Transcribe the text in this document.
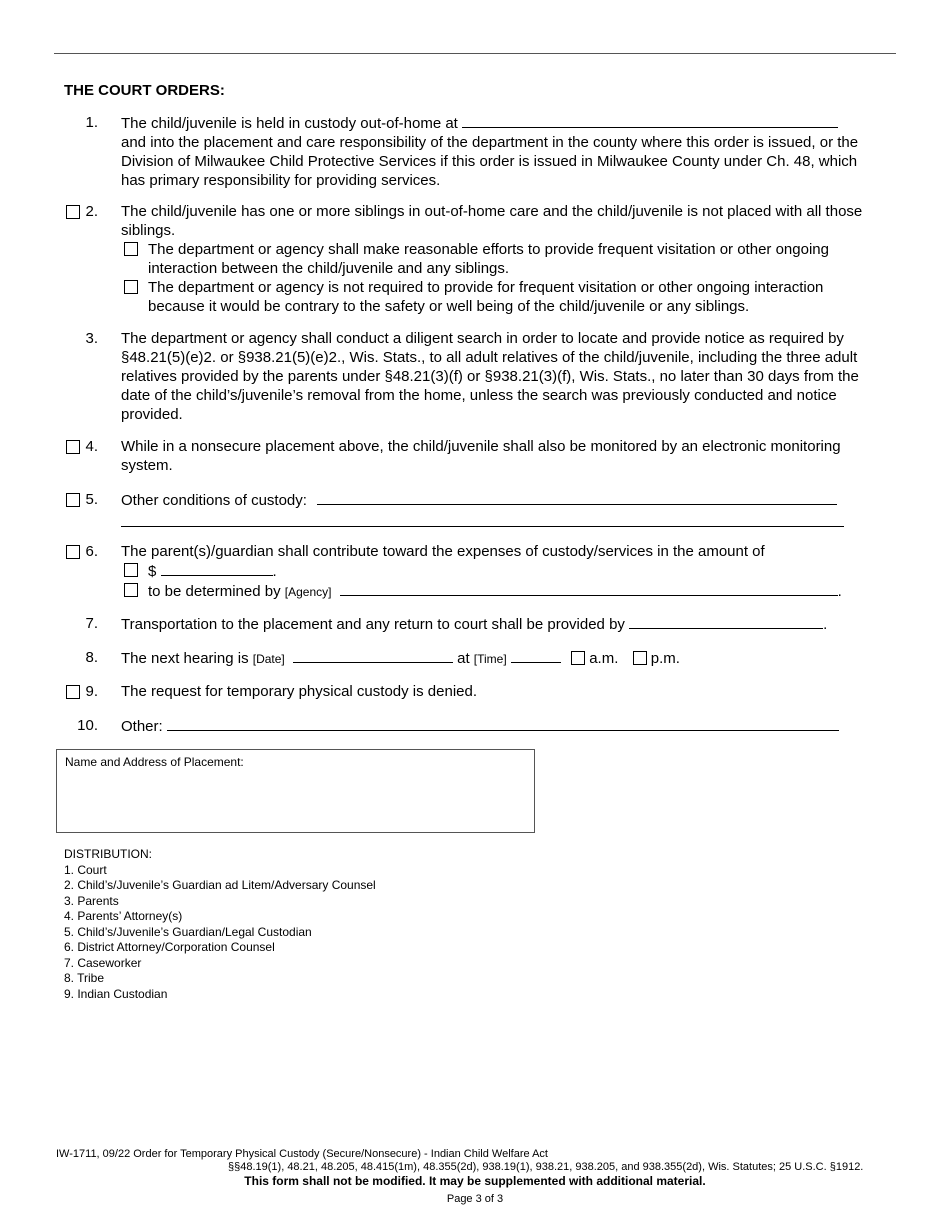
THE COURT ORDERS:
1. The child/juvenile is held in custody out-of-home at
and into the placement and care responsibility of the department in the county where this order is issued, or the Division of Milwaukee Child Protective Services if this order is issued in Milwaukee County under Ch. 48, which has primary responsibility for providing services.
2. The child/juvenile has one or more siblings in out-of-home care and the child/juvenile is not placed with all those siblings.
The department or agency shall make reasonable efforts to provide frequent visitation or other ongoing interaction between the child/juvenile and any siblings.
The department or agency is not required to provide for frequent visitation or other ongoing interaction because it would be contrary to the safety or well being of the child/juvenile or any siblings.
3. The department or agency shall conduct a diligent search in order to locate and provide notice as required by §48.21(5)(e)2. or §938.21(5)(e)2., Wis. Stats., to all adult relatives of the child/juvenile, including the three adult relatives provided by the parents under §48.21(3)(f) or §938.21(3)(f), Wis. Stats., no later than 30 days from the date of the child’s/juvenile’s removal from the home, unless the search was previously conducted and notice provided.
4. While in a nonsecure placement above, the child/juvenile shall also be monitored by an electronic monitoring system.
5. Other conditions of custody:
6. The parent(s)/guardian shall contribute toward the expenses of custody/services in the amount of
$	.
to be determined by [Agency]	.
7. Transportation to the placement and any return to court shall be provided by	.
8. The next hearing is [Date]	at [Time]	a.m. p.m.
9. The request for temporary physical custody is denied.
10. Other:
Name and Address of Placement:
DISTRIBUTION:
1. Court
2. Child’s/Juvenile’s Guardian ad Litem/Adversary Counsel
3. Parents
4. Parents’ Attorney(s)
5. Child’s/Juvenile’s Guardian/Legal Custodian
6. District Attorney/Corporation Counsel
7. Caseworker
8. Tribe
9. Indian Custodian
IW-1711, 09/22 Order for Temporary Physical Custody (Secure/Nonsecure) - Indian Child Welfare Act
§§48.19(1), 48.21, 48.205, 48.415(1m), 48.355(2d), 938.19(1), 938.21, 938.205, and 938.355(2d), Wis. Statutes; 25 U.S.C. §1912.
This form shall not be modified. It may be supplemented with additional material.
Page 3 of 3
